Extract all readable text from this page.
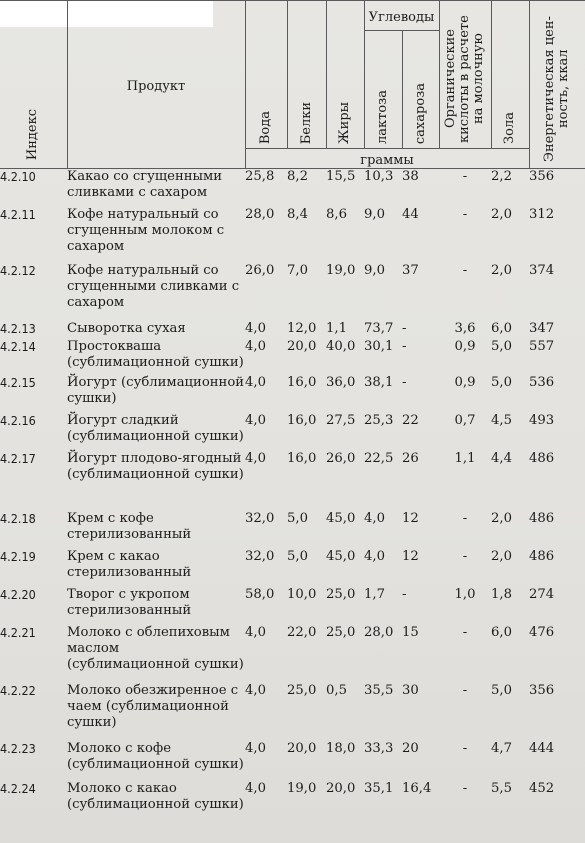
Индекс	Продукт	Вода	Белки	Жиры	Углеводы		Органические кислоты в расчете на молочную	Зола	Энергетическая цен-ность, ккал
					лактоза	сахароза			
		граммы							
4.2.10	Какао со сгущенными сливками с сахаром	25,8	8,2	15,5	10,3	38	-	2,2	356
4.2.11	Кофе натуральный со сгущенным молоком с сахаром	28,0	8,4	8,6	9,0	44	-	2,0	312
4.2.12	Кофе натуральный со сгущенными сливками с сахаром	26,0	7,0	19,0	9,0	37	-	2,0	374
4.2.13	Сыворотка сухая	4,0	12,0	1,1	73,7	-	3,6	6,0	347
4.2.14	Простокваша (сублимационной сушки)	4,0	20,0	40,0	30,1	-	0,9	5,0	557
4.2.15	Йогурт (сублимационной сушки)	4,0	16,0	36,0	38,1	-	0,9	5,0	536
4.2.16	Йогурт сладкий (сублимационной сушки)	4,0	16,0	27,5	25,3	22	0,7	4,5	493
4.2.17	Йогурт плодово-ягодный (сублимационной сушки)	4,0	16,0	26,0	22,5	26	1,1	4,4	486
4.2.18	Крем с кофе стерилизованный	32,0	5,0	45,0	4,0	12	-	2,0	486
4.2.19	Крем с какао стерилизованный	32,0	5,0	45,0	4,0	12	-	2,0	486
4.2.20	Творог с укропом стерилизованный	58,0	10,0	25,0	1,7	-	1,0	1,8	274
4.2.21	Молоко с облепиховым маслом (сублимационной сушки)	4,0	22,0	25,0	28,0	15	-	6,0	476
4.2.22	Молоко обезжиренное с чаем (сублимационной сушки)	4,0	25,0	0,5	35,5	30	-	5,0	356
4.2.23	Молоко с кофе (сублимационной сушки)	4,0	20,0	18,0	33,3	20	-	4,7	444
4.2.24	Молоко с какао (сублимационной сушки)	4,0	19,0	20,0	35,1	16,4	-	5,5	452
